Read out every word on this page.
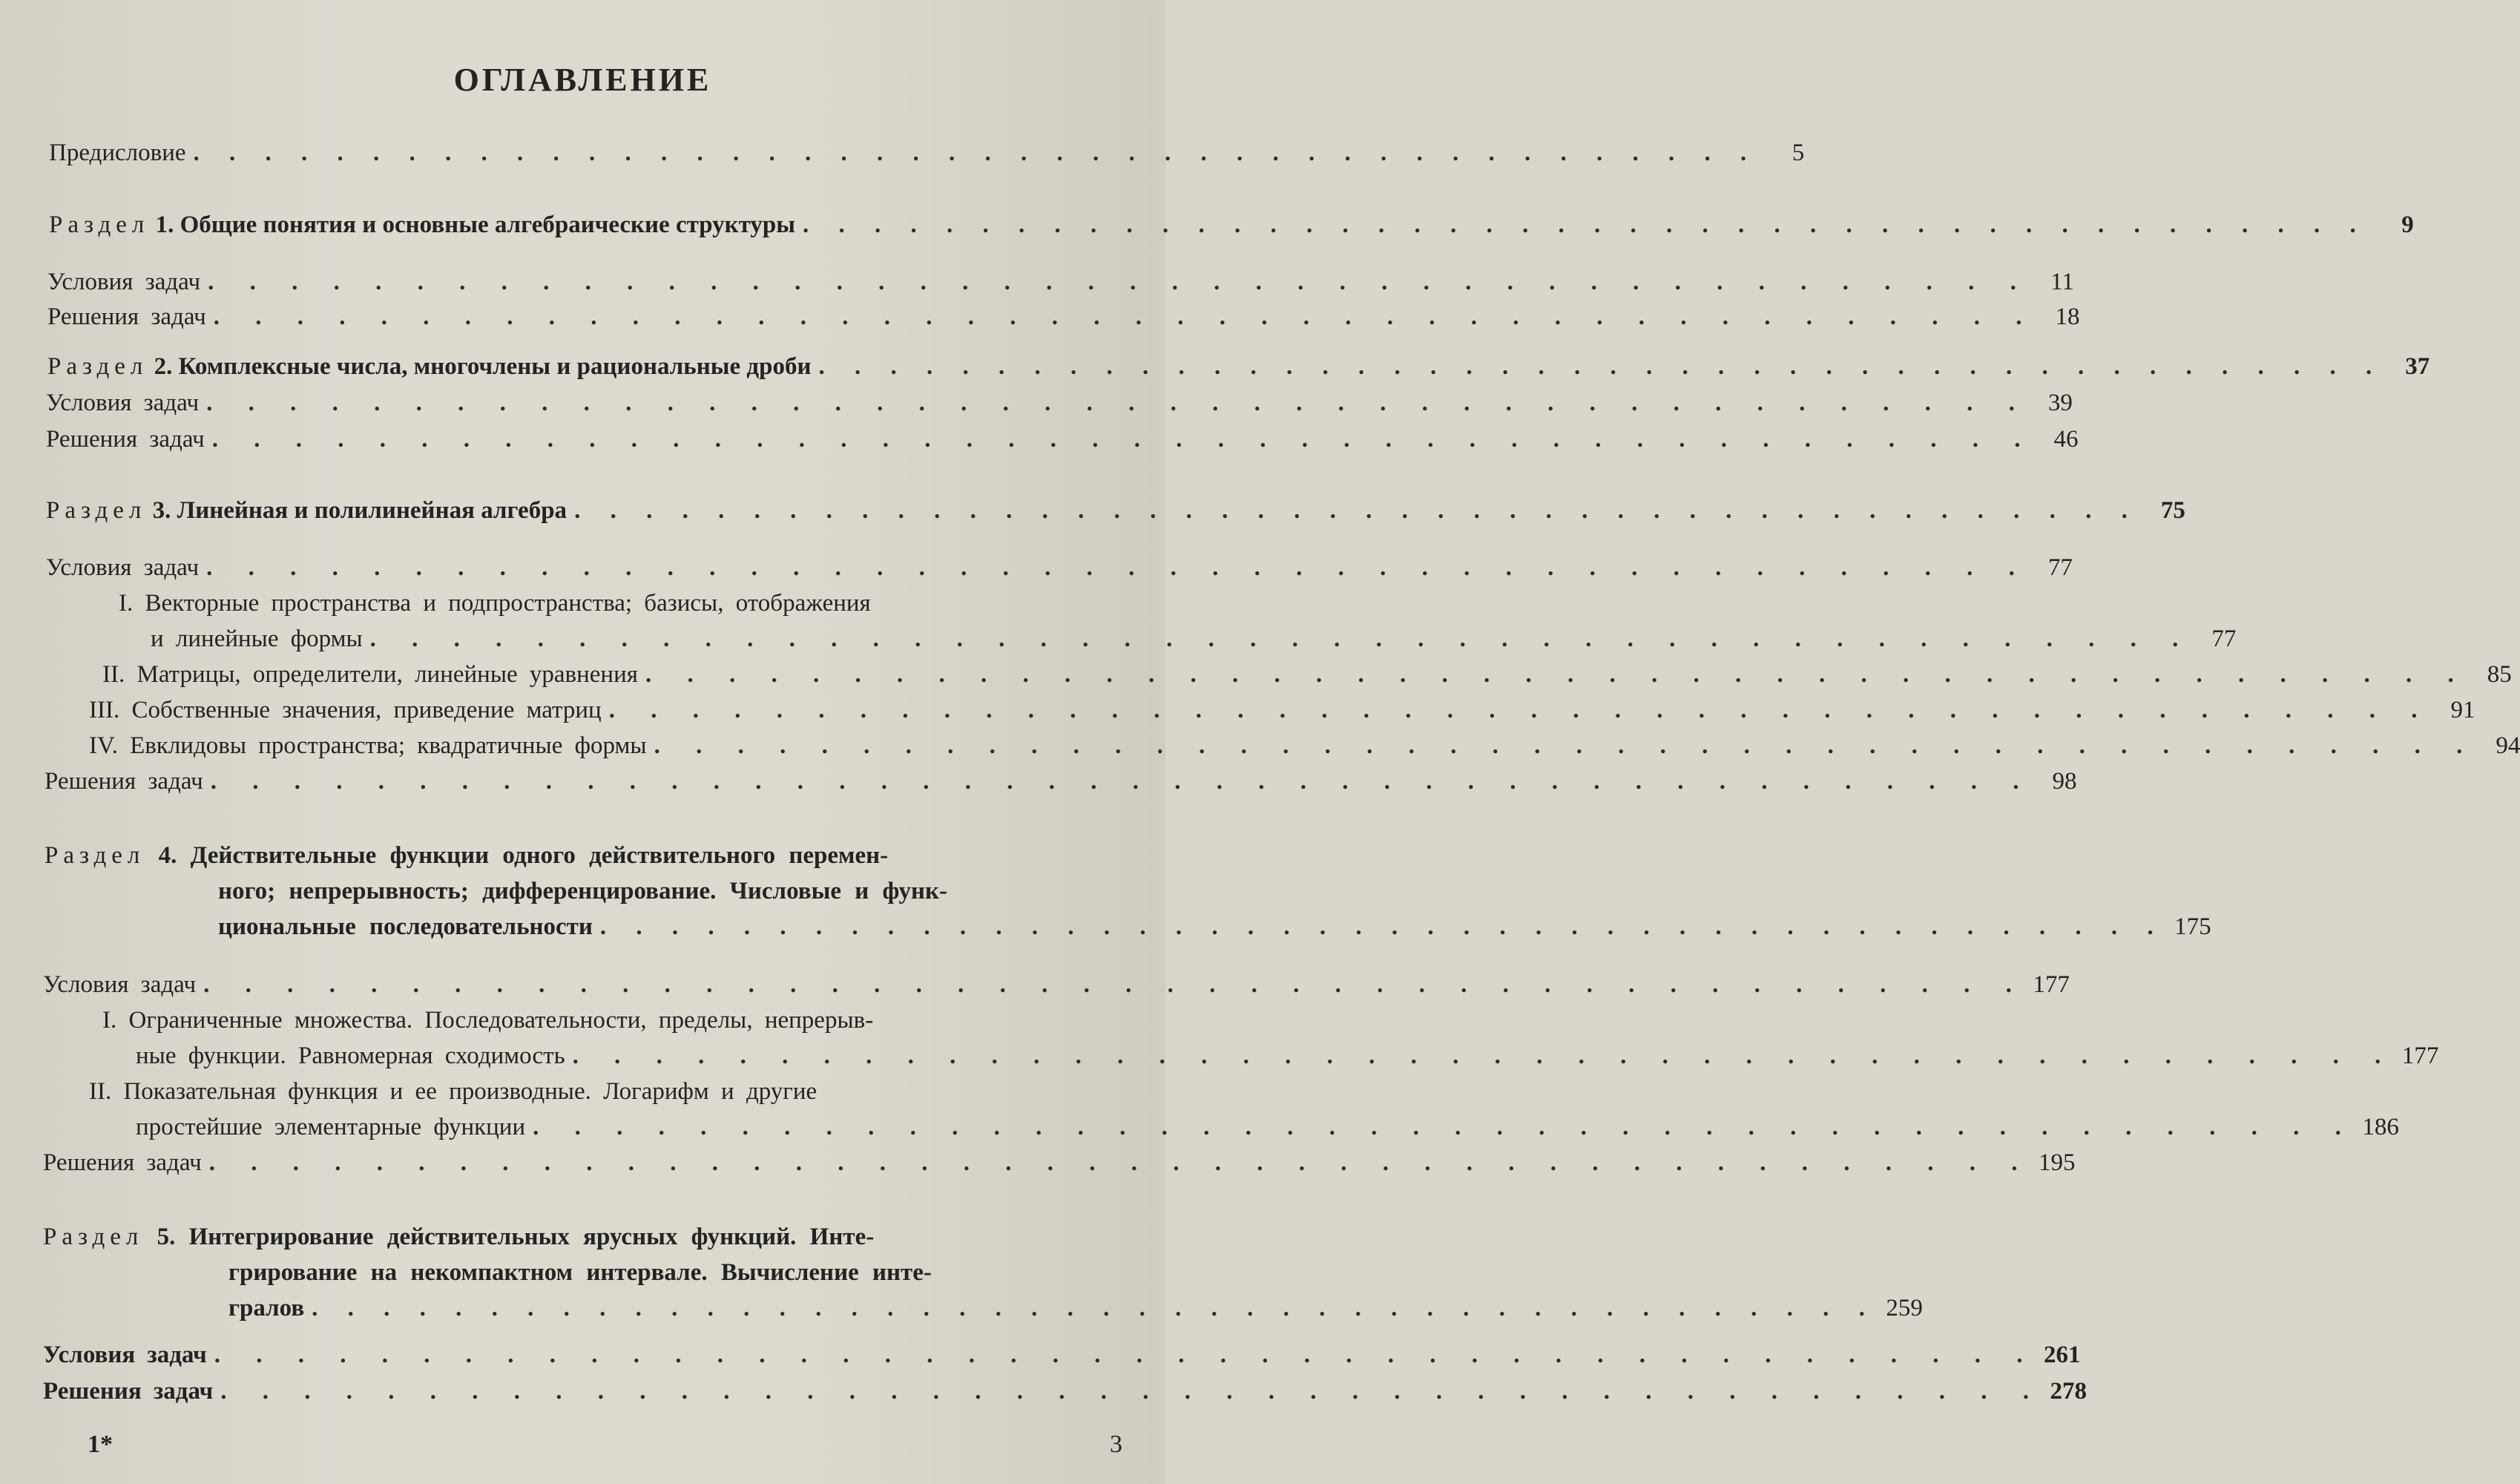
ОГЛАВЛЕНИЕ
Предисловие . . . . . . . . . . . . . . . . . . . . . . . . . . . . . . . . . . . . . . . . . . . .	5
Раздел 1. Общие понятия и основные алгебраические структуры . . . . . . . . . . . . . . . . . . . . . . . . . . . . . . . . . . . . . . . . . . . .	9
Условия задач . . . . . . . . . . . . . . . . . . . . . . . . . . . . . . . . . . . . . . . . . . . . 11
Решения задач . . . . . . . . . . . . . . . . . . . . . . . . . . . . . . . . . . . . . . . . . . . . 18
Раздел 2. Комплексные числа, многочлены и рациональные дроби . . . . . . . . . . . . . . . . . . . . . . . . . . . . . . . . . . . . . . . . . . . . 37
Условия задач . . . . . . . . . . . . . . . . . . . . . . . . . . . . . . . . . . . . . . . . . . . . 39
Решения задач . . . . . . . . . . . . . . . . . . . . . . . . . . . . . . . . . . . . . . . . . . . . 46
Раздел 3. Линейная и полилинейная алгебра . . . . . . . . . . . . . . . . . . . . . . . . . . . . . . . . . . . . . . . . . . . . 75
Условия задач . . . . . . . . . . . . . . . . . . . . . . . . . . . . . . . . . . . . . . . . . . . . 77
I. Векторные пространства и подпространства; базисы, отображения
и линейные формы . . . . . . . . . . . . . . . . . . . . . . . . . . . . . . . . . . . . . . . . . . . . 77
II. Матрицы, определители, линейные уравнения . . . . . . . . . . . . . . . . . . . . . . . . . . . . . . . . . . . . . . . . . . . . 85
III. Собственные значения, приведение матриц . . . . . . . . . . . . . . . . . . . . . . . . . . . . . . . . . . . . . . . . . . . . 91
IV. Евклидовы пространства; квадратичные формы . . . . . . . . . . . . . . . . . . . . . . . . . . . . . . . . . . . . . . . . . . . . 94
Решения задач . . . . . . . . . . . . . . . . . . . . . . . . . . . . . . . . . . . . . . . . . . . . 98
Раздел 4. Действительные функции одного действительного перемен-
ного; непрерывность; дифференцирование. Числовые и функ-
циональные последовательности . . . . . . . . . . . . . . . . . . . . . . . . . . . . . . . . . . . . . . . . . . . . 175
Условия задач . . . . . . . . . . . . . . . . . . . . . . . . . . . . . . . . . . . . . . . . . . . . 177
I. Ограниченные множества. Последовательности, пределы, непрерыв-
ные функции. Равномерная сходимость . . . . . . . . . . . . . . . . . . . . . . . . . . . . . . . . . . . . . . . . . . . . 177
II. Показательная функция и ее производные. Логарифм и другие
простейшие элементарные функции . . . . . . . . . . . . . . . . . . . . . . . . . . . . . . . . . . . . . . . . . . . . 186
Решения задач . . . . . . . . . . . . . . . . . . . . . . . . . . . . . . . . . . . . . . . . . . . . 195
Раздел 5. Интегрирование действительных ярусных функций. Инте-
грирование на некомпактном интервале. Вычисление инте-
гралов . . . . . . . . . . . . . . . . . . . . . . . . . . . . . . . . . . . . . . . . . . . . 259
Условия задач . . . . . . . . . . . . . . . . . . . . . . . . . . . . . . . . . . . . . . . . . . . . 261
Решения задач . . . . . . . . . . . . . . . . . . . . . . . . . . . . . . . . . . . . . . . . . . . . 278
1*	3
